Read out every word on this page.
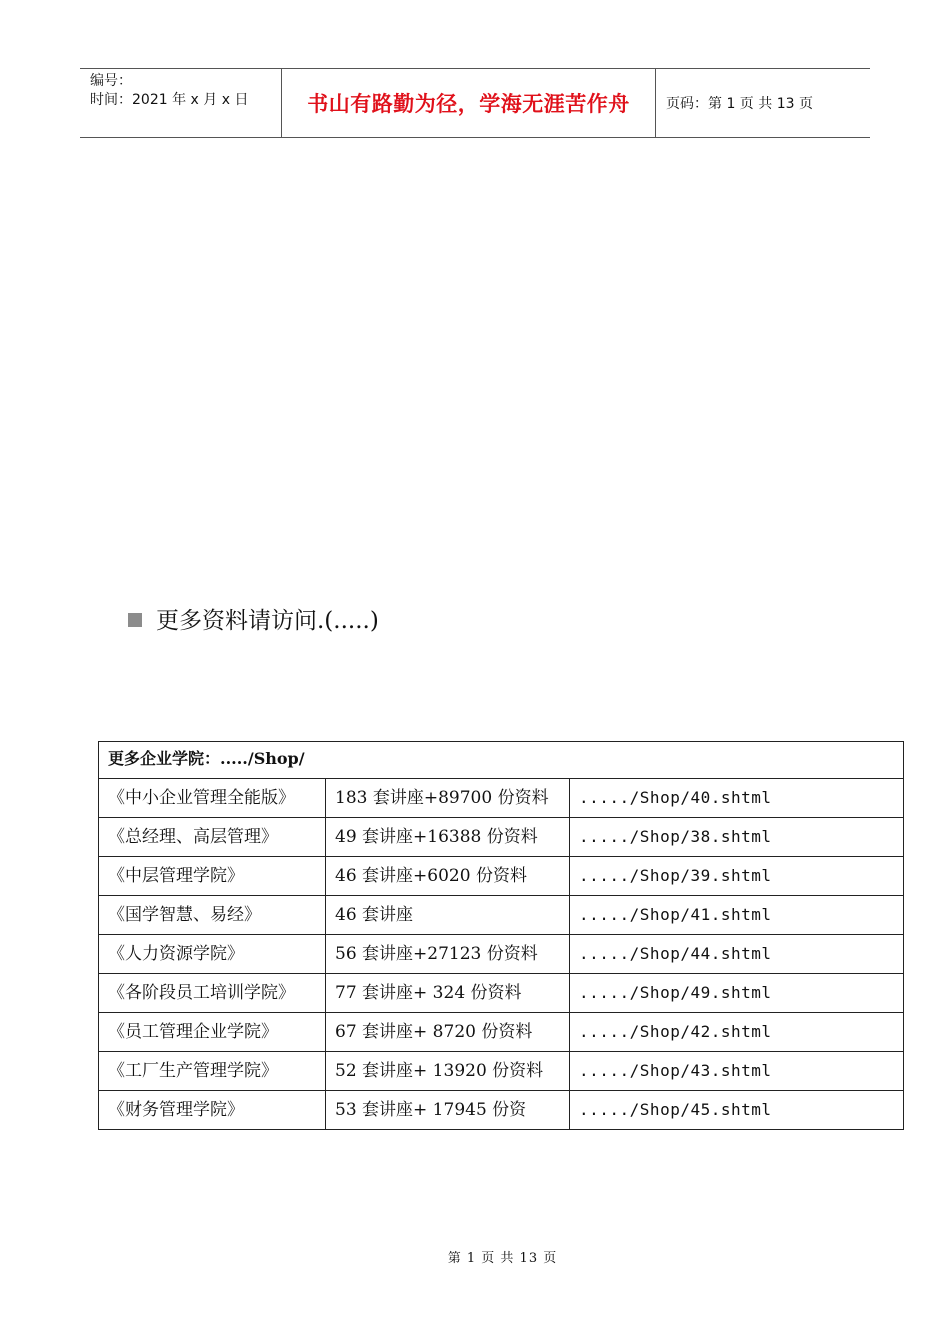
编号：
时间：2021 年 x 月 x 日	书山有路勤为径，学海无涯苦作舟	页码：第 1 页 共 13 页
更多资料请访问.(.....)
更多企业学院：...../Shop/		
《中小企业管理全能版》	183 套讲座+89700 份资料	...../Shop/40.shtml
《总经理、高层管理》	49 套讲座+16388 份资料	...../Shop/38.shtml
《中层管理学院》	46 套讲座+6020 份资料	...../Shop/39.shtml
《国学智慧、易经》	46 套讲座	...../Shop/41.shtml
《人力资源学院》	56 套讲座+27123 份资料	...../Shop/44.shtml
《各阶段员工培训学院》	77 套讲座+ 324 份资料	...../Shop/49.shtml
《员工管理企业学院》	67 套讲座+ 8720 份资料	...../Shop/42.shtml
《工厂生产管理学院》	52 套讲座+ 13920 份资料	...../Shop/43.shtml
《财务管理学院》	53 套讲座+ 17945 份资	...../Shop/45.shtml
第 1 页 共 13 页
